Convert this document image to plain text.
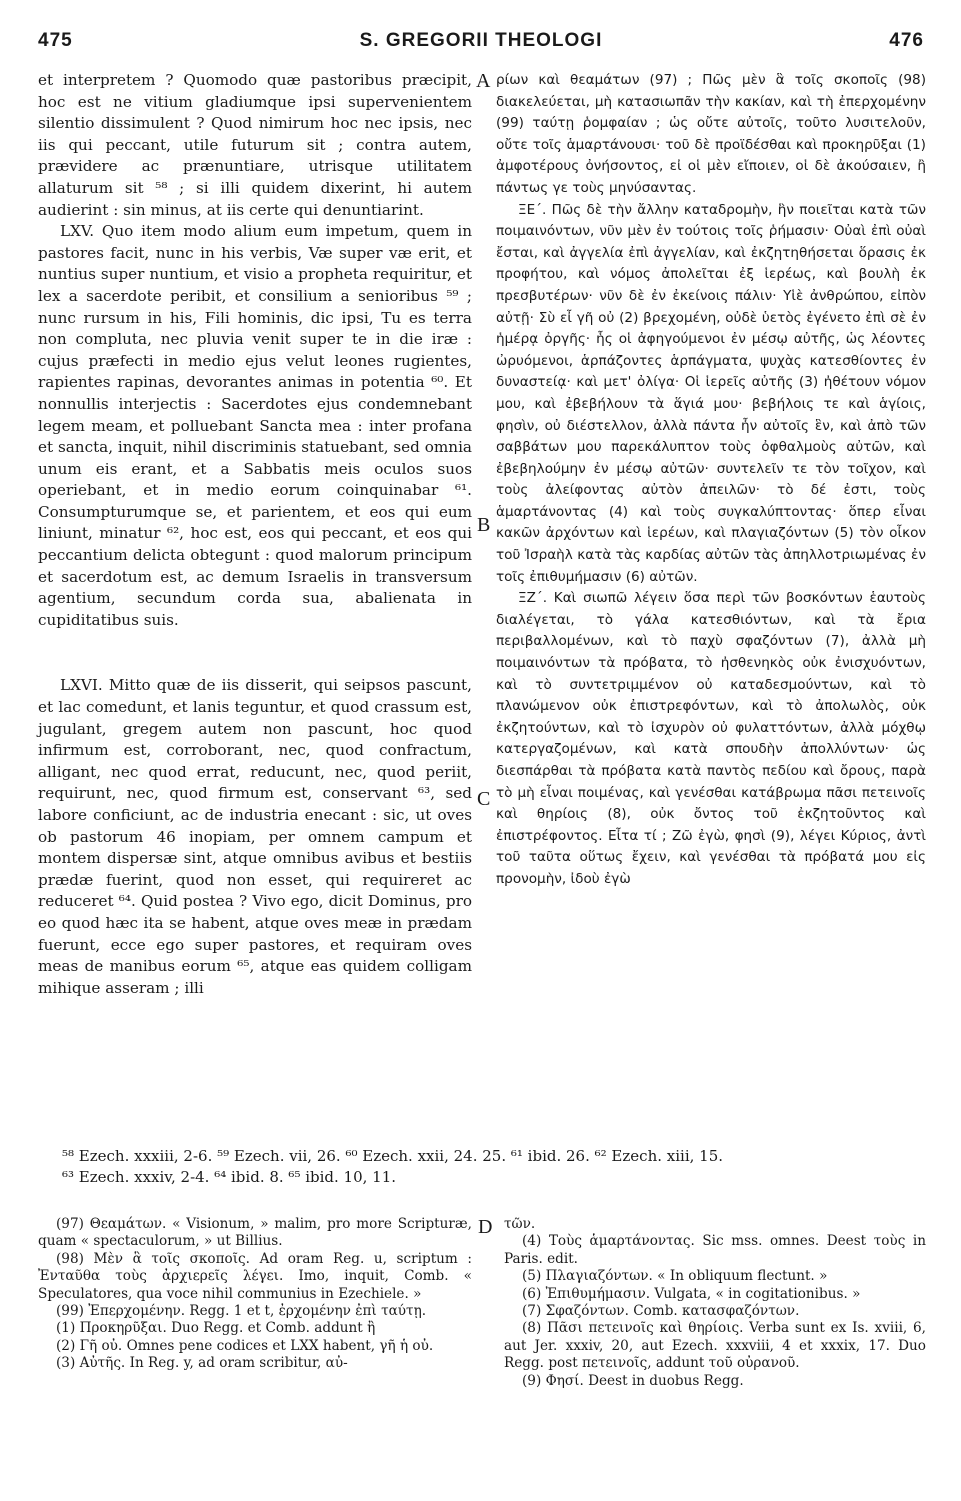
475	S. GREGORII THEOLOGI	476

et interpretem ? Quomodo quæ pastoribus præcipit, hoc est ne vitium gladiumque ipsi supervenientem silentio dissimulent ? Quod nimirum hoc nec ipsis, nec iis qui peccant, utile futurum sit ; contra autem, prævidere ac prænuntiare, utrisque utilitatem allaturum sit ⁵⁸ ; si illi quidem dixerint, hi autem audierint : sin minus, at iis certe qui denuntiarint.

LXV. Quo item modo alium eum impetum, quem in pastores facit, nunc in his verbis, Væ super væ erit, et nuntius super nuntium, et visio a propheta requiritur, et lex a sacerdote peribit, et consilium a senioribus ⁵⁹ ; nunc rursum in his, Fili hominis, dic ipsi, Tu es terra non compluta, nec pluvia venit super te in die iræ : cujus præfecti in medio ejus velut leones rugientes, rapientes rapinas, devorantes animas in potentia ⁶⁰. Et nonnullis interjectis : Sacerdotes ejus condemnebant legem meam, et polluebant Sancta mea : inter profana et sancta, inquit, nihil discriminis statuebant, sed omnia unum eis erant, et a Sabbatis meis oculos suos operiebant, et in medio eorum coinquinabar ⁶¹. Consumpturumque se, et parientem, et eos qui eum liniunt, minatur ⁶², hoc est, eos qui peccant, et eos qui peccantium delicta obtegunt : quod malorum principum et sacerdotum est, ac demum Israelis in transversum agentium, secundum corda sua, abalienata in cupiditatibus suis.

LXVI. Mitto quæ de iis disserit, qui seipsos pascunt, et lac comedunt, et lanis teguntur, et quod crassum est, jugulant, gregem autem non pascunt, hoc quod infirmum est, corroborant, nec, quod confractum, alligant, nec quod errat, reducunt, nec, quod periit, requirunt, nec, quod firmum est, conservant ⁶³, sed labore conficiunt, ac de industria enecant : sic, ut oves ob pastorum 46 inopiam, per omnem campum et montem dispersæ sint, atque omnibus avibus et bestiis prædæ fuerint, quod non esset, qui requireret ac reduceret ⁶⁴. Quid postea ? Vivo ego, dicit Dominus, pro eo quod hæc ita se habent, atque oves meæ in prædam fuerunt, ecce ego super pastores, et requiram oves meas de manibus eorum ⁶⁵, atque eas quidem colligam mihique asseram ; illi

ρίων καὶ θεαμάτων (97) ; Πῶς μὲν ἃ τοῖς σκοποῖς (98) διακελεύεται, μὴ κατασιωπᾶν τὴν κακίαν, καὶ τὴ ἐπερχομένην (99) ταύτῃ ῥομφαίαν ; ὡς οὔτε αὐτοῖς, τοῦτο λυσιτελοῦν, οὔτε τοῖς ἁμαρτάνουσι· τοῦ δὲ προϊδέσθαι καὶ προκηρῦξαι (1) ἀμφοτέρους ὀνήσοντος, εἰ οἱ μὲν εἴποιεν, οἱ δὲ ἀκούσαιεν, ἢ πάντως γε τοὺς μηνύσαντας.

ΞΕ΄. Πῶς δὲ τὴν ἄλλην καταδρομὴν, ἣν ποιεῖται κατὰ τῶν ποιμαινόντων, νῦν μὲν ἐν τούτοις τοῖς ῥήμασιν· Οὐαὶ ἐπὶ οὐαὶ ἔσται, καὶ ἀγγελία ἐπὶ ἀγγελίαν, καὶ ἐκζητηθήσεται ὅρασις ἐκ προφήτου, καὶ νόμος ἀπολεῖται ἐξ ἱερέως, καὶ βουλὴ ἐκ πρεσβυτέρων· νῦν δὲ ἐν ἐκείνοις πάλιν· Υἱὲ ἀνθρώπου, εἰπὸν αὐτῇ· Σὺ εἶ γῆ οὐ (2) βρεχομένη, οὐδὲ ὑετὸς ἐγένετο ἐπὶ σὲ ἐν ἡμέρᾳ ὀργῆς· ἧς οἱ ἀφηγούμενοι ἐν μέσῳ αὐτῆς, ὡς λέοντες ὠρυόμενοι, ἁρπάζοντες ἁρπάγματα, ψυχὰς κατεσθίοντες ἐν δυναστείᾳ· καὶ μετ' ὀλίγα· Οἱ ἱερεῖς αὐτῆς (3) ἠθέτουν νόμον μου, καὶ ἐβεβήλουν τὰ ἅγιά μου· βεβήλοις τε καὶ ἁγίοις, φησὶν, οὐ διέστελλον, ἀλλὰ πάντα ἦν αὐτοῖς ἓν, καὶ ἀπὸ τῶν σαββάτων μου παρεκάλυπτον τοὺς ὀφθαλμοὺς αὐτῶν, καὶ ἐβεβηλούμην ἐν μέσῳ αὐτῶν· συντελεῖν τε τὸν τοῖχον, καὶ τοὺς ἀλείφοντας αὐτὸν ἀπειλῶν· τὸ δέ ἐστι, τοὺς ἁμαρτάνοντας (4) καὶ τοὺς συγκαλύπτοντας· ὅπερ εἶναι κακῶν ἀρχόντων καὶ ἱερέων, καὶ πλαγιαζόντων (5) τὸν οἶκον τοῦ Ἰσραὴλ κατὰ τὰς καρδίας αὐτῶν τὰς ἀπηλλοτριωμένας ἐν τοῖς ἐπιθυμήμασιν (6) αὐτῶν.

ΞΖ΄. Καὶ σιωπῶ λέγειν ὅσα περὶ τῶν βοσκόντων ἑαυτοὺς διαλέγεται, τὸ γάλα κατεσθιόντων, καὶ τὰ ἔρια περιβαλλομένων, καὶ τὸ παχὺ σφαζόντων (7), ἀλλὰ μὴ ποιμαινόντων τὰ πρόβατα, τὸ ἠσθενηκὸς οὐκ ἐνισχυόντων, καὶ τὸ συντετριμμένον οὐ καταδεσμούντων, καὶ τὸ πλανώμενον οὐκ ἐπιστρεφόντων, καὶ τὸ ἀπολωλὸς, οὐκ ἐκζητούντων, καὶ τὸ ἰσχυρὸν οὐ φυλαττόντων, ἀλλὰ μόχθῳ κατεργαζομένων, καὶ κατὰ σπουδὴν ἀπολλύντων· ὡς διεσπάρθαι τὰ πρόβατα κατὰ παντὸς πεδίου καὶ ὄρους, παρὰ τὸ μὴ εἶναι ποιμένας, καὶ γενέσθαι κατάβρωμα πᾶσι πετεινοῖς καὶ θηρίοις (8), οὐκ ὄντος τοῦ ἐκζητοῦντος καὶ ἐπιστρέφοντος. Εἶτα τί ; Ζῶ ἐγὼ, φησὶ (9), λέγει Κύριος, ἀντὶ τοῦ ταῦτα οὕτως ἔχειν, καὶ γενέσθαι τὰ πρόβατά μου εἰς προνομὴν, ἰδοὺ ἐγὼ

A
B
C
D

⁵⁸ Ezech. xxxiii, 2-6. ⁵⁹ Ezech. vii, 26. ⁶⁰ Ezech. xxii, 24. 25. ⁶¹ ibid. 26. ⁶² Ezech. xiii, 15.

⁶³ Ezech. xxxiv, 2-4. ⁶⁴ ibid. 8. ⁶⁵ ibid. 10, 11.

(97) Θεαμάτων. « Visionum, » malim, pro more Scripturæ, quam « spectaculorum, » ut Billius.

(98) Μὲν ἃ τοῖς σκοποῖς. Ad oram Reg. u, scriptum : Ἐνταῦθα τοὺς ἀρχιερεῖς λέγει. Imo, inquit, Comb. « Speculatores, qua voce nihil communius in Ezechiele. »

(99) Ἐπερχομένην. Regg. 1 et t, ἐρχομένην ἐπὶ ταύτῃ.

(1) Προκηρῦξαι. Duo Regg. et Comb. addunt ἢ

(2) Γῆ οὐ. Omnes pene codices et LXX habent, γῆ ἡ οὐ.

(3) Αὐτῆς. In Reg. y, ad oram scribitur, αὐ-

τῶν.

(4) Τοὺς ἁμαρτάνοντας. Sic mss. omnes. Deest τοὺς in Paris. edit.

(5) Πλαγιαζόντων. « In obliquum flectunt. »

(6) Ἐπιθυμήμασιν. Vulgata, « in cogitationibus. »

(7) Σφαζόντων. Comb. κατασφαζόντων.

(8) Πᾶσι πετεινοῖς καὶ θηρίοις. Verba sunt ex Is. xviii, 6, aut Jer. xxxiv, 20, aut Ezech. xxxviii, 4 et xxxix, 17. Duo Regg. post πετεινοῖς, addunt τοῦ οὐρανοῦ.

(9) Φησί. Deest in duobus Regg.
